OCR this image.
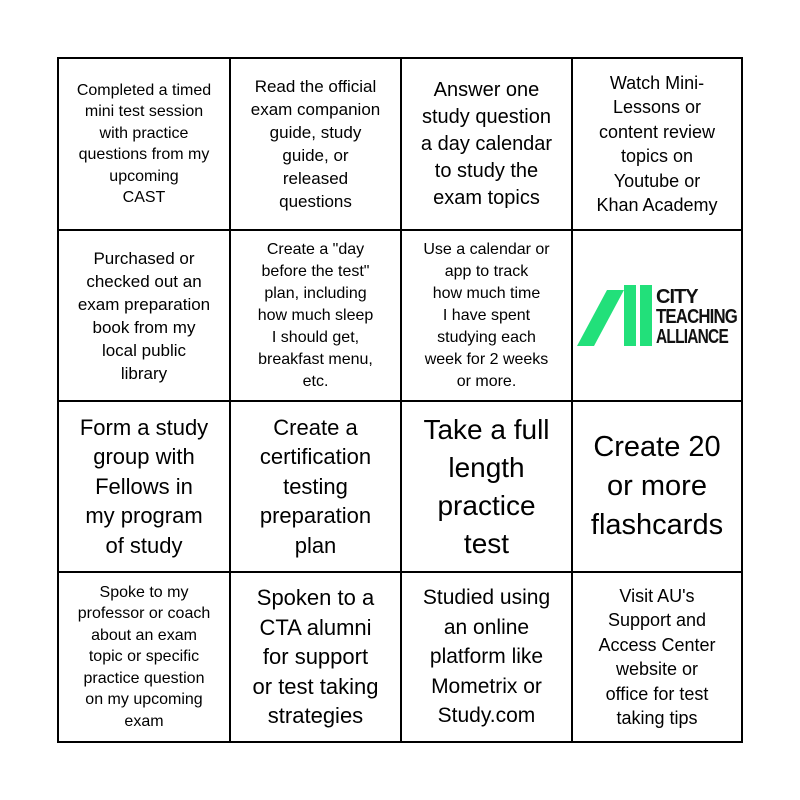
Completed a timed
mini test session
with practice
questions from my
upcoming
CAST
Read the official
exam companion
guide, study
guide, or
released
questions
Answer one
study question
a day calendar
to study the
exam topics
Watch Mini-
Lessons or
content review
topics on
Youtube or
Khan Academy
Purchased or
checked out an
exam preparation
book from my
local public
library
Create a "day
before the test"
plan, including
how much sleep
I should get,
breakfast menu,
etc.
Use a calendar or
app to track
how much time
I have spent
studying each
week for 2 weeks
or more.
CITY
TEACHING
ALLIANCE
Form a study
group with
Fellows in
my program
of study
Create a
certification
testing
preparation
plan
Take a full
length
practice
test
Create 20
or more
flashcards
Spoke to my
professor or coach
about an exam
topic or specific
practice question
on my upcoming
exam
Spoken to a
CTA alumni
for support
or test taking
strategies
Studied using
an online
platform like
Mometrix or
Study.com
Visit AU's
Support and
Access Center
website or
office for test
taking tips
